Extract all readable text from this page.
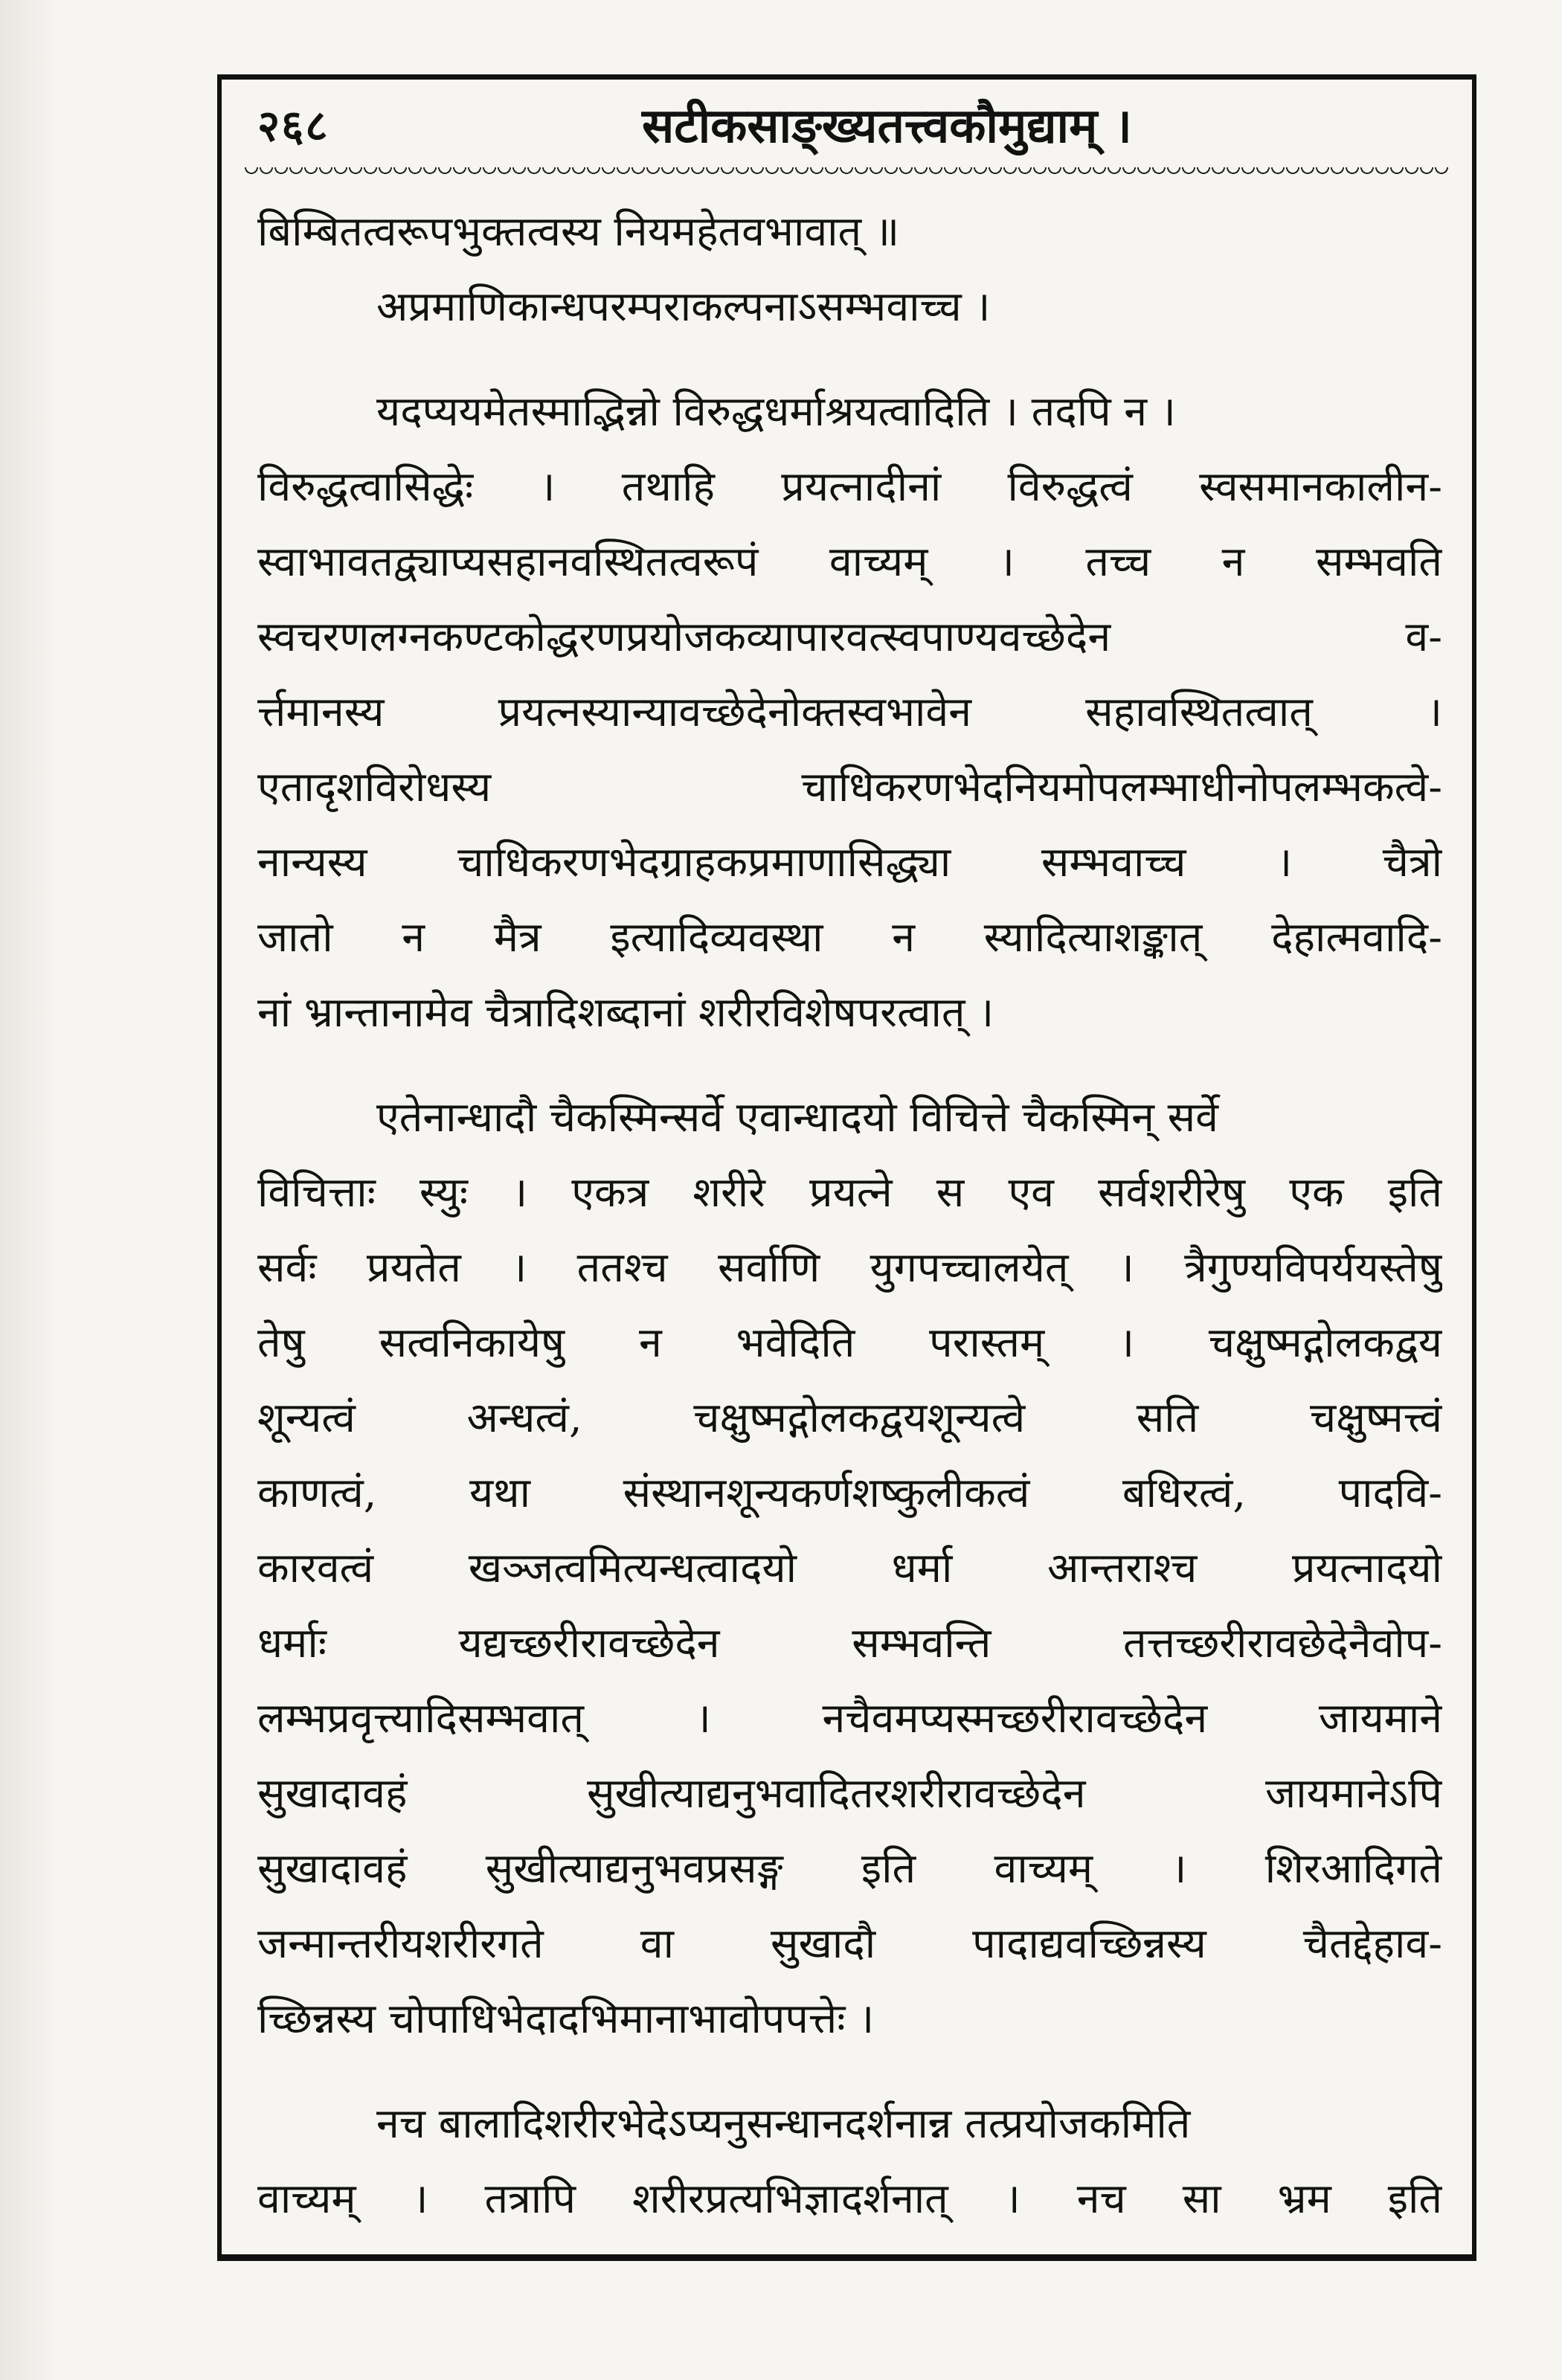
२६८	सटीकसाङ्ख्यतत्त्वकौमुद्याम् ।
बिम्बितत्वरूपभुक्तत्वस्य नियमहेतवभावात् ॥
अप्रमाणिकान्धपरम्पराकल्पनाऽसम्भवाच्च ।
यदप्ययमेतस्माद्भिन्नो विरुद्धधर्माश्रयत्वादिति । तदपि न ।
विरुद्धत्वासिद्धेः । तथाहि प्रयत्नादीनां विरुद्धत्वं स्वसमानकालीन-
स्वाभावतद्व्याप्यसहानवस्थितत्वरूपं वाच्यम् । तच्च न सम्भवति
स्वचरणलग्नकण्टकोद्धरणप्रयोजकव्यापारवत्स्वपाण्यवच्छेदेन व-
र्त्तमानस्य प्रयत्नस्यान्यावच्छेदेनोक्तस्वभावेन सहावस्थितत्वात् ।
एतादृशविरोधस्य चाधिकरणभेदनियमोपलम्भाधीनोपलम्भकत्वे-
नान्यस्य चाधिकरणभेदग्राहकप्रमाणासिद्ध्या सम्भवाच्च । चैत्रो
जातो न मैत्र इत्यादिव्यवस्था न स्यादित्याशङ्कात् देहात्मवादि-
नां भ्रान्तानामेव चैत्रादिशब्दानां शरीरविशेषपरत्वात् ।
एतेनान्धादौ चैकस्मिन्सर्वे एवान्धादयो विचित्ते चैकस्मिन् सर्वे
विचित्ताः स्युः । एकत्र शरीरे प्रयत्ने स एव सर्वशरीरेषु एक इति
सर्वः प्रयतेत । ततश्च सर्वाणि युगपच्चालयेत् । त्रैगुण्यविपर्ययस्तेषु
तेषु सत्वनिकायेषु न भवेदिति परास्तम् । चक्षुष्मद्गोलकद्वय
शून्यत्वं अन्धत्वं, चक्षुष्मद्गोलकद्वयशून्यत्वे सति चक्षुष्मत्त्वं
काणत्वं, यथा संस्थानशून्यकर्णशष्कुलीकत्वं बधिरत्वं, पादवि-
कारवत्वं खञ्जत्वमित्यन्धत्वादयो धर्मा आन्तराश्च प्रयत्नादयो
धर्माः यद्यच्छरीरावच्छेदेन सम्भवन्ति तत्तच्छरीरावछेदेनैवोप-
लम्भप्रवृत्त्यादिसम्भवात् । नचैवमप्यस्मच्छरीरावच्छेदेन जायमाने
सुखादावहं सुखीत्याद्यनुभवादितरशरीरावच्छेदेन जायमानेऽपि
सुखादावहं सुखीत्याद्यनुभवप्रसङ्ग इति वाच्यम् । शिरआदिगते
जन्मान्तरीयशरीरगते वा सुखादौ पादाद्यवच्छिन्नस्य चैतद्देहाव-
च्छिन्नस्य चोपाधिभेदादभिमानाभावोपपत्तेः ।
नच बालादिशरीरभेदेऽप्यनुसन्धानदर्शनान्न तत्प्रयोजकमिति
वाच्यम् । तत्रापि शरीरप्रत्यभिज्ञादर्शनात् । नच सा भ्रम इति
